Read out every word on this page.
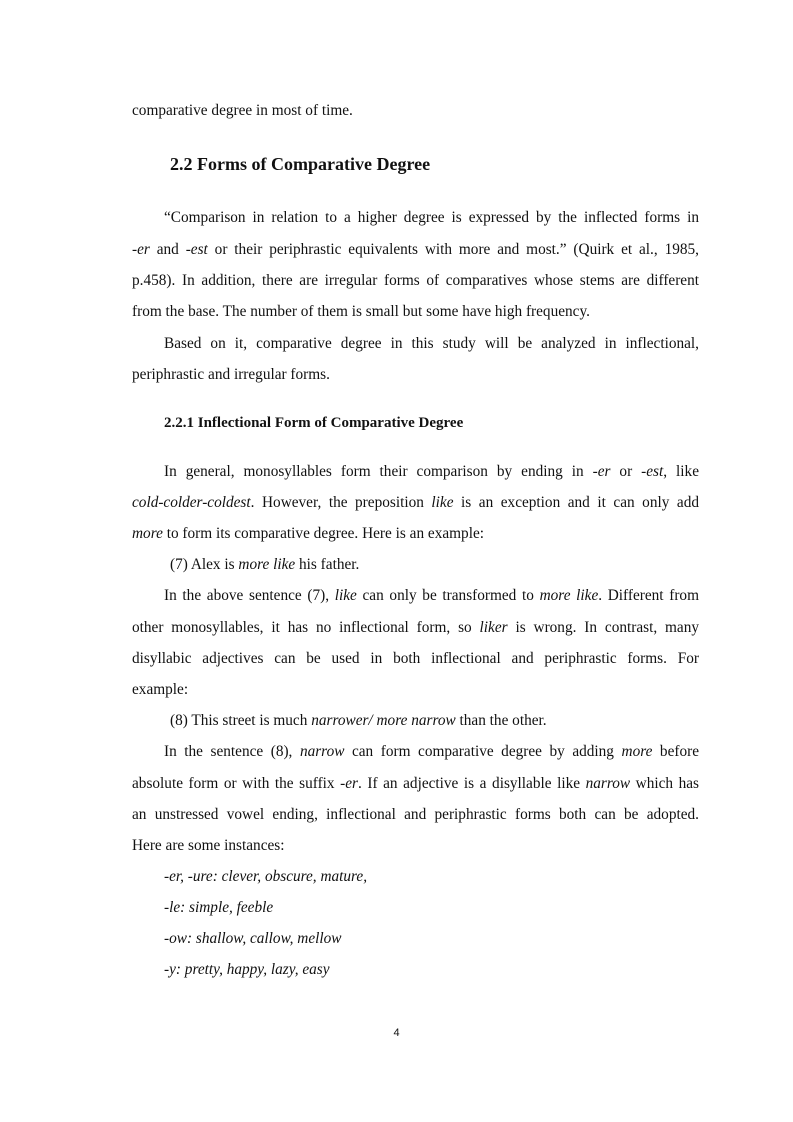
comparative degree in most of time.
2.2 Forms of Comparative Degree
“Comparison in relation to a higher degree is expressed by the inflected forms in
-er and -est or their periphrastic equivalents with more and most.” (Quirk et al., 1985,
p.458). In addition, there are irregular forms of comparatives whose stems are different
from the base. The number of them is small but some have high frequency.
Based on it, comparative degree in this study will be analyzed in inflectional,
periphrastic and irregular forms.
2.2.1 Inflectional Form of Comparative Degree
In general, monosyllables form their comparison by ending in -er or -est, like
cold-colder-coldest. However, the preposition like is an exception and it can only add
more to form its comparative degree. Here is an example:
(7) Alex is more like his father.
In the above sentence (7), like can only be transformed to more like. Different from
other monosyllables, it has no inflectional form, so liker is wrong. In contrast, many
disyllabic adjectives can be used in both inflectional and periphrastic forms. For
example:
(8) This street is much narrower/ more narrow than the other.
In the sentence (8), narrow can form comparative degree by adding more before
absolute form or with the suffix -er. If an adjective is a disyllable like narrow which has
an unstressed vowel ending, inflectional and periphrastic forms both can be adopted.
Here are some instances:
-er, -ure: clever, obscure, mature,
-le: simple, feeble
-ow: shallow, callow, mellow
-y: pretty, happy, lazy, easy
4
